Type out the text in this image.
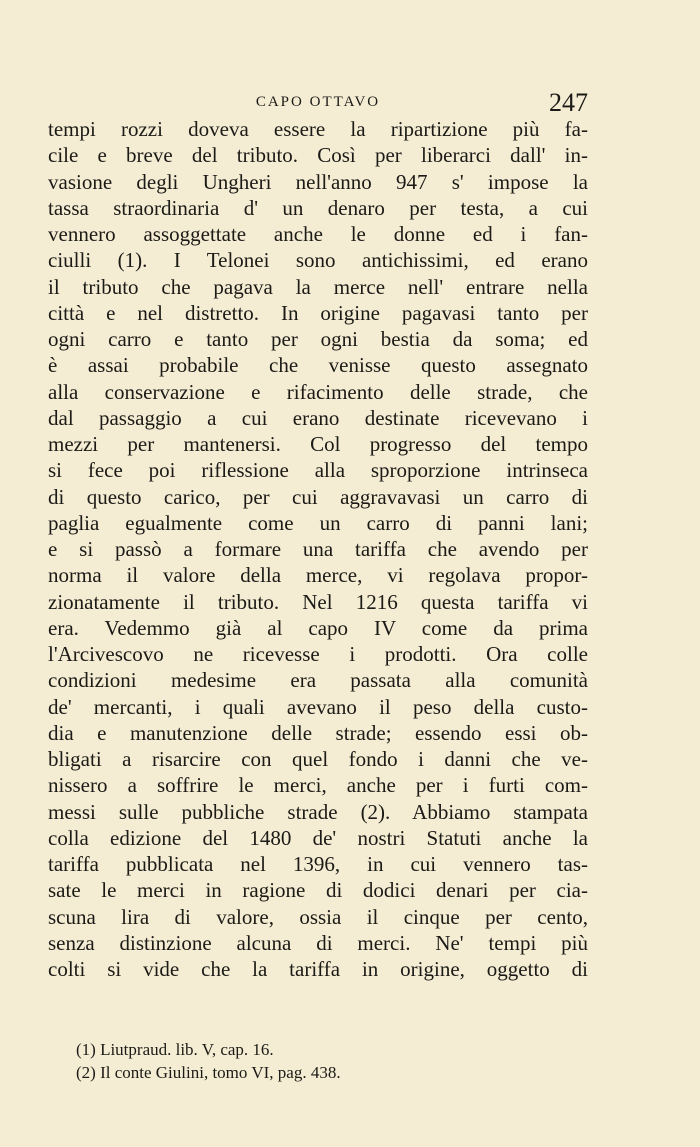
CAPO OTTAVO	247
tempi rozzi doveva essere la ripartizione più fa-
cile e breve del tributo. Così per liberarci dall' in-
vasione degli Ungheri nell'anno 947 s' impose la
tassa straordinaria d' un denaro per testa, a cui
vennero assoggettate anche le donne ed i fan-
ciulli (1). I Telonei sono antichissimi, ed erano
il tributo che pagava la merce nell' entrare nella
città e nel distretto. In origine pagavasi tanto per
ogni carro e tanto per ogni bestia da soma; ed
è assai probabile che venisse questo assegnato
alla conservazione e rifacimento delle strade, che
dal passaggio a cui erano destinate ricevevano i
mezzi per mantenersi. Col progresso del tempo
si fece poi riflessione alla sproporzione intrinseca
di questo carico, per cui aggravavasi un carro di
paglia egualmente come un carro di panni lani;
e si passò a formare una tariffa che avendo per
norma il valore della merce, vi regolava propor-
zionatamente il tributo. Nel 1216 questa tariffa vi
era. Vedemmo già al capo IV come da prima
l'Arcivescovo ne ricevesse i prodotti. Ora colle
condizioni medesime era passata alla comunità
de' mercanti, i quali avevano il peso della custo-
dia e manutenzione delle strade; essendo essi ob-
bligati a risarcire con quel fondo i danni che ve-
nissero a soffrire le merci, anche per i furti com-
messi sulle pubbliche strade (2). Abbiamo stampata
colla edizione del 1480 de' nostri Statuti anche la
tariffa pubblicata nel 1396, in cui vennero tas-
sate le merci in ragione di dodici denari per cia-
scuna lira di valore, ossia il cinque per cento,
senza distinzione alcuna di merci. Ne' tempi più
colti si vide che la tariffa in origine, oggetto di
(1) Liutpraud. lib. V, cap. 16.
(2) Il conte Giulini, tomo VI, pag. 438.
